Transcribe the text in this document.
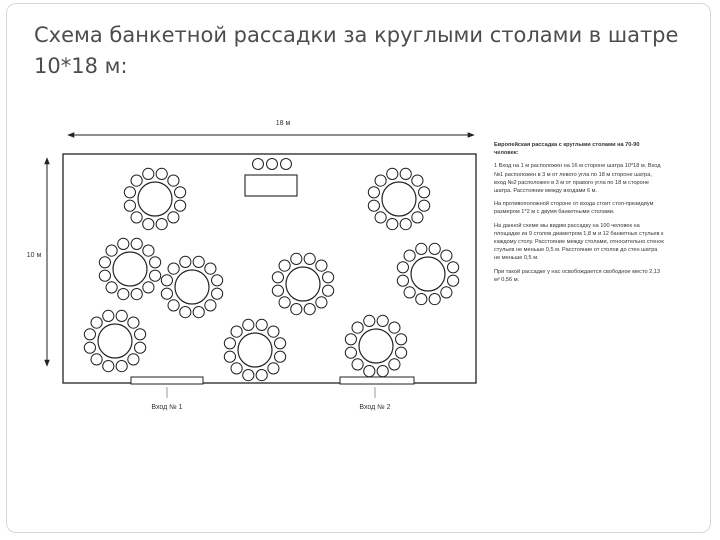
Схема банкетной рассадки за круглыми столами в шатре 10*18 м:
18 м
10 м
Вход № 1	Вход № 2

Европейская рассадка с круглыми столами на 70-90 человек:

1 Вход на 1 м расположен на 16 м стороне шатра 10*18 м. Вход №1 расположен в 3 м от левого угла по 18 м стороне шатра, вход №2 расположен в 3 м от правого угла по 18 м стороне шатра. Расстояние между входами 6 м.

На противоположной стороне от входа стоит стол-президиум размером 1*2 м с двумя банкетными столами.

На данной схеме мы видим рассадку на 100 человек на площадке из 9 столов диаметром 1,8 м и 12 банкетных стульев к каждому столу. Расстояние между столами, относительно стенок стульев не меньше 0,5 м. Расстояние от столов до стен шатра не меньше 0,5 м.

При такой рассадке у нас освобождается свободное место 2,13 м² 0,56 м.
